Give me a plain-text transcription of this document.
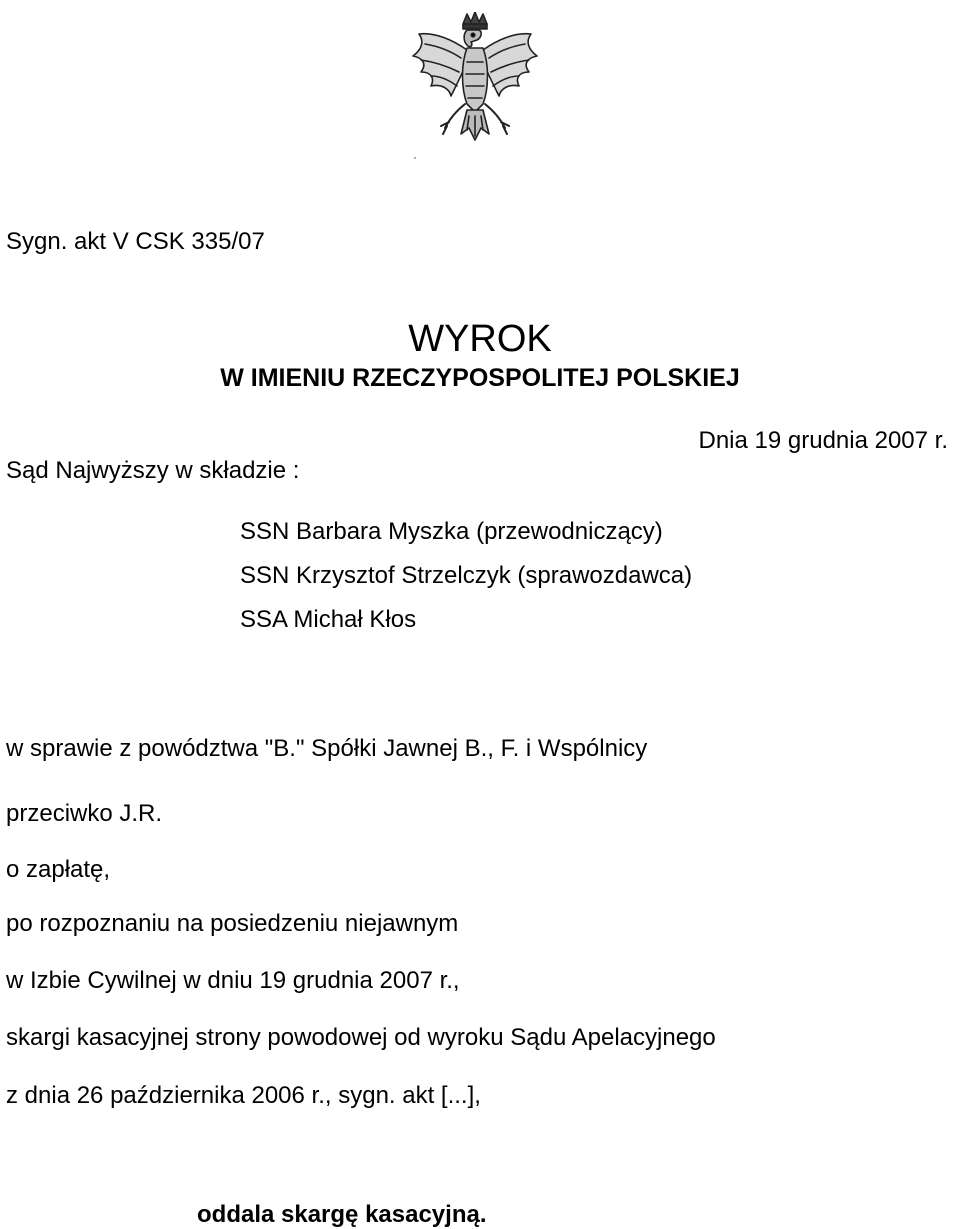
Sygn. akt V CSK 335/07
WYROK
W IMIENIU RZECZYPOSPOLITEJ POLSKIEJ
Dnia 19 grudnia 2007 r.
Sąd Najwyższy w składzie :
SSN Barbara Myszka (przewodniczący)
SSN Krzysztof Strzelczyk (sprawozdawca)
SSA Michał Kłos
w sprawie z powództwa "B." Spółki Jawnej B., F. i Wspólnicy
przeciwko J.R.
o zapłatę,
po rozpoznaniu na posiedzeniu niejawnym
w Izbie Cywilnej w dniu 19 grudnia 2007 r.,
skargi kasacyjnej strony powodowej od wyroku Sądu Apelacyjnego
z dnia 26 października 2006 r., sygn. akt [...],
oddala skargę kasacyjną.
